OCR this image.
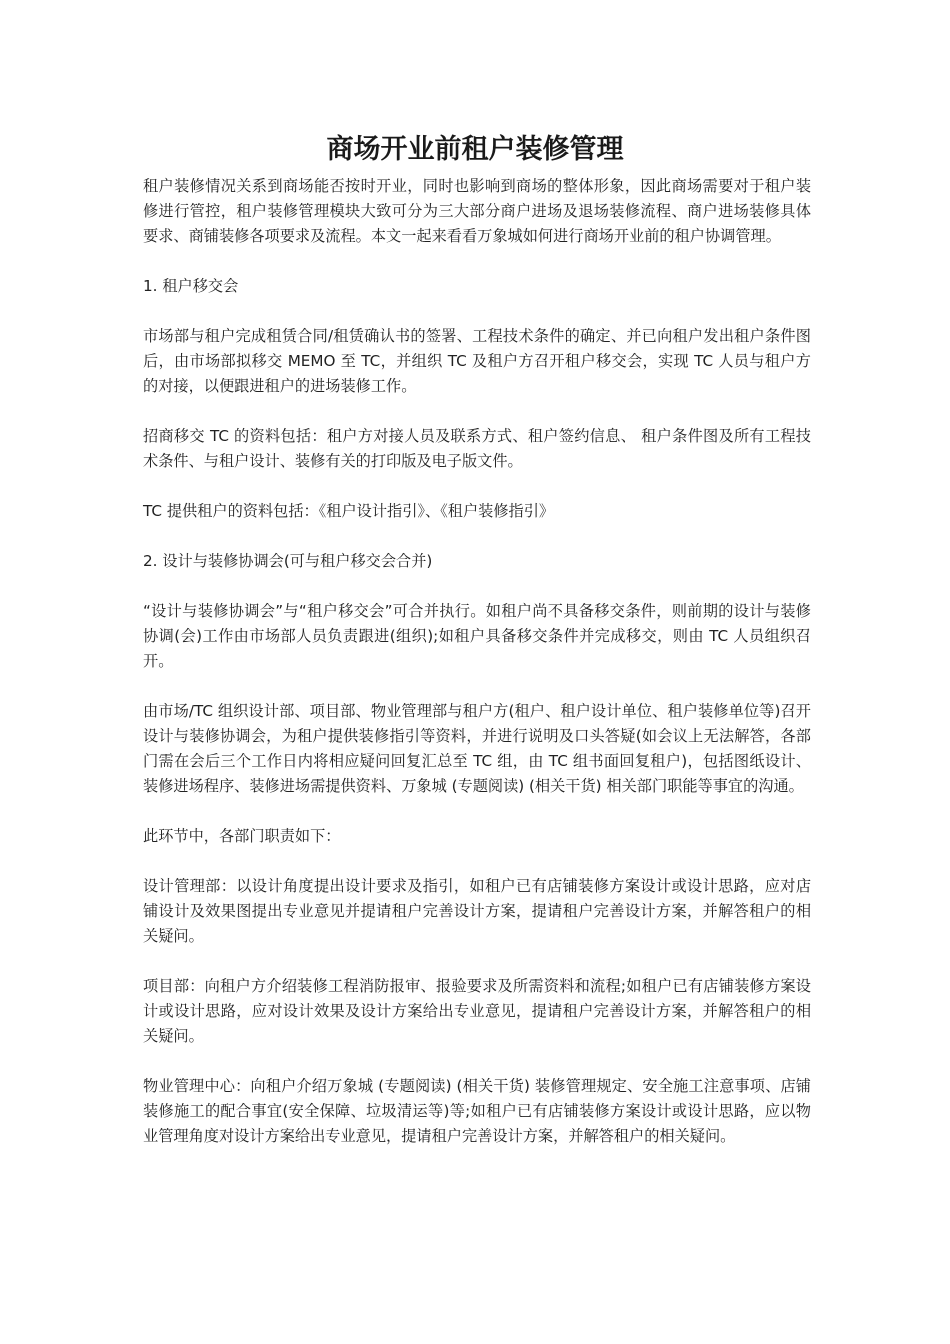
商场开业前租户装修管理

租户装修情况关系到商场能否按时开业，同时也影响到商场的整体形象，因此商场需要对于租户装修进行管控，租户装修管理模块大致可分为三大部分商户进场及退场装修流程、商户进场装修具体要求、商铺装修各项要求及流程。本文一起来看看万象城如何进行商场开业前的租户协调管理。

1. 租户移交会

市场部与租户完成租赁合同/租赁确认书的签署、工程技术条件的确定、并已向租户发出租户条件图后，由市场部拟移交 MEMO 至 TC，并组织 TC 及租户方召开租户移交会，实现 TC 人员与租户方的对接，以便跟进租户的进场装修工作。

招商移交 TC 的资料包括：租户方对接人员及联系方式、租户签约信息、 租户条件图及所有工程技术条件、与租户设计、装修有关的打印版及电子版文件。

TC 提供租户的资料包括：《租户设计指引》、《租户装修指引》

2. 设计与装修协调会(可与租户移交会合并)

“设计与装修协调会”与“租户移交会”可合并执行。如租户尚不具备移交条件，则前期的设计与装修协调(会)工作由市场部人员负责跟进(组织);如租户具备移交条件并完成移交，则由 TC 人员组织召开。

由市场/TC 组织设计部、项目部、物业管理部与租户方(租户、租户设计单位、租户装修单位等)召开设计与装修协调会，为租户提供装修指引等资料，并进行说明及口头答疑(如会议上无法解答，各部门需在会后三个工作日内将相应疑问回复汇总至 TC 组，由 TC 组书面回复租户)，包括图纸设计、装修进场程序、装修进场需提供资料、万象城 (专题阅读) (相关干货) 相关部门职能等事宜的沟通。

此环节中，各部门职责如下：

设计管理部：以设计角度提出设计要求及指引，如租户已有店铺装修方案设计或设计思路，应对店铺设计及效果图提出专业意见并提请租户完善设计方案，提请租户完善设计方案，并解答租户的相关疑问。

项目部：向租户方介绍装修工程消防报审、报验要求及所需资料和流程;如租户已有店铺装修方案设计或设计思路，应对设计效果及设计方案给出专业意见，提请租户完善设计方案，并解答租户的相关疑问。

物业管理中心：向租户介绍万象城 (专题阅读) (相关干货) 装修管理规定、安全施工注意事项、店铺装修施工的配合事宜(安全保障、垃圾清运等)等;如租户已有店铺装修方案设计或设计思路，应以物业管理角度对设计方案给出专业意见，提请租户完善设计方案，并解答租户的相关疑问。
